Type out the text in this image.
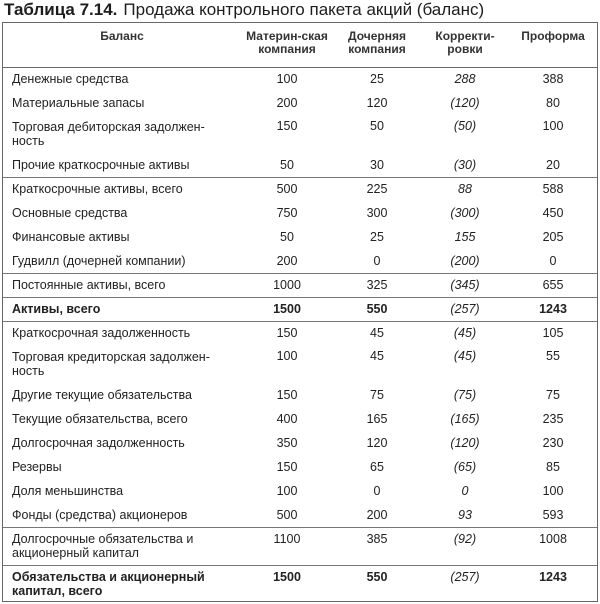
Таблица 7.14. Продажа контрольного пакета акций (баланс)
Баланс	Материн-ская компания	Дочерняя компания	Корректи-ровки	Проформа
Денежные средства	100	25	288	388
Материальные запасы	200	120	(120)	80
Торговая дебиторская задолжен-ность	150	50	(50)	100
Прочие краткосрочные активы	50	30	(30)	20
Краткосрочные активы, всего	500	225	88	588
Основные средства	750	300	(300)	450
Финансовые активы	50	25	155	205
Гудвилл (дочерней компании)	200	0	(200)	0
Постоянные активы, всего	1000	325	(345)	655
Активы, всего	1500	550	(257)	1243
Краткосрочная задолженность	150	45	(45)	105
Торговая кредиторская задолжен-ность	100	45	(45)	55
Другие текущие обязательства	150	75	(75)	75
Текущие обязательства, всего	400	165	(165)	235
Долгосрочная задолженность	350	120	(120)	230
Резервы	150	65	(65)	85
Доля меньшинства	100	0	0	100
Фонды (средства) акционеров	500	200	93	593
Долгосрочные обязательства и акционерный капитал	1100	385	(92)	1008
Обязательства и акционерный капитал, всего	1500	550	(257)	1243
